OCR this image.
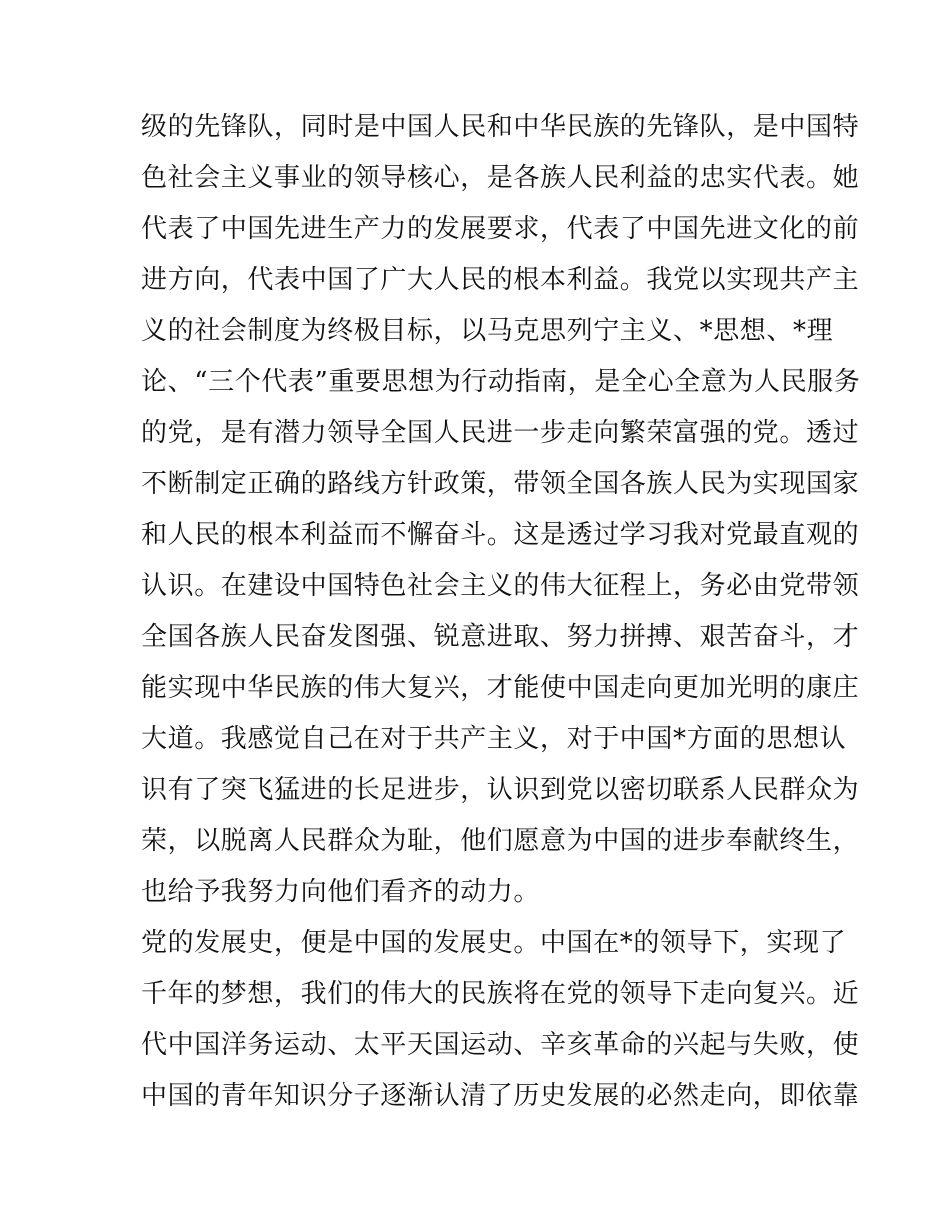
级的先锋队，同时是中国人民和中华民族的先锋队，是中国特
色社会主义事业的领导核心，是各族人民利益的忠实代表。她
代表了中国先进生产力的发展要求，代表了中国先进文化的前
进方向，代表中国了广大人民的根本利益。我党以实现共产主
义的社会制度为终极目标，以马克思列宁主义、*思想、*理
论、“三个代表”重要思想为行动指南，是全心全意为人民服务
的党，是有潜力领导全国人民进一步走向繁荣富强的党。透过
不断制定正确的路线方针政策，带领全国各族人民为实现国家
和人民的根本利益而不懈奋斗。这是透过学习我对党最直观的
认识。在建设中国特色社会主义的伟大征程上，务必由党带领
全国各族人民奋发图强、锐意进取、努力拼搏、艰苦奋斗，才
能实现中华民族的伟大复兴，才能使中国走向更加光明的康庄
大道。我感觉自己在对于共产主义，对于中国*方面的思想认
识有了突飞猛进的长足进步，认识到党以密切联系人民群众为
荣，以脱离人民群众为耻，他们愿意为中国的进步奉献终生，
也给予我努力向他们看齐的动力。
党的发展史，便是中国的发展史。中国在*的领导下，实现了
千年的梦想，我们的伟大的民族将在党的领导下走向复兴。近
代中国洋务运动、太平天国运动、辛亥革命的兴起与失败，使
中国的青年知识分子逐渐认清了历史发展的必然走向，即依靠
